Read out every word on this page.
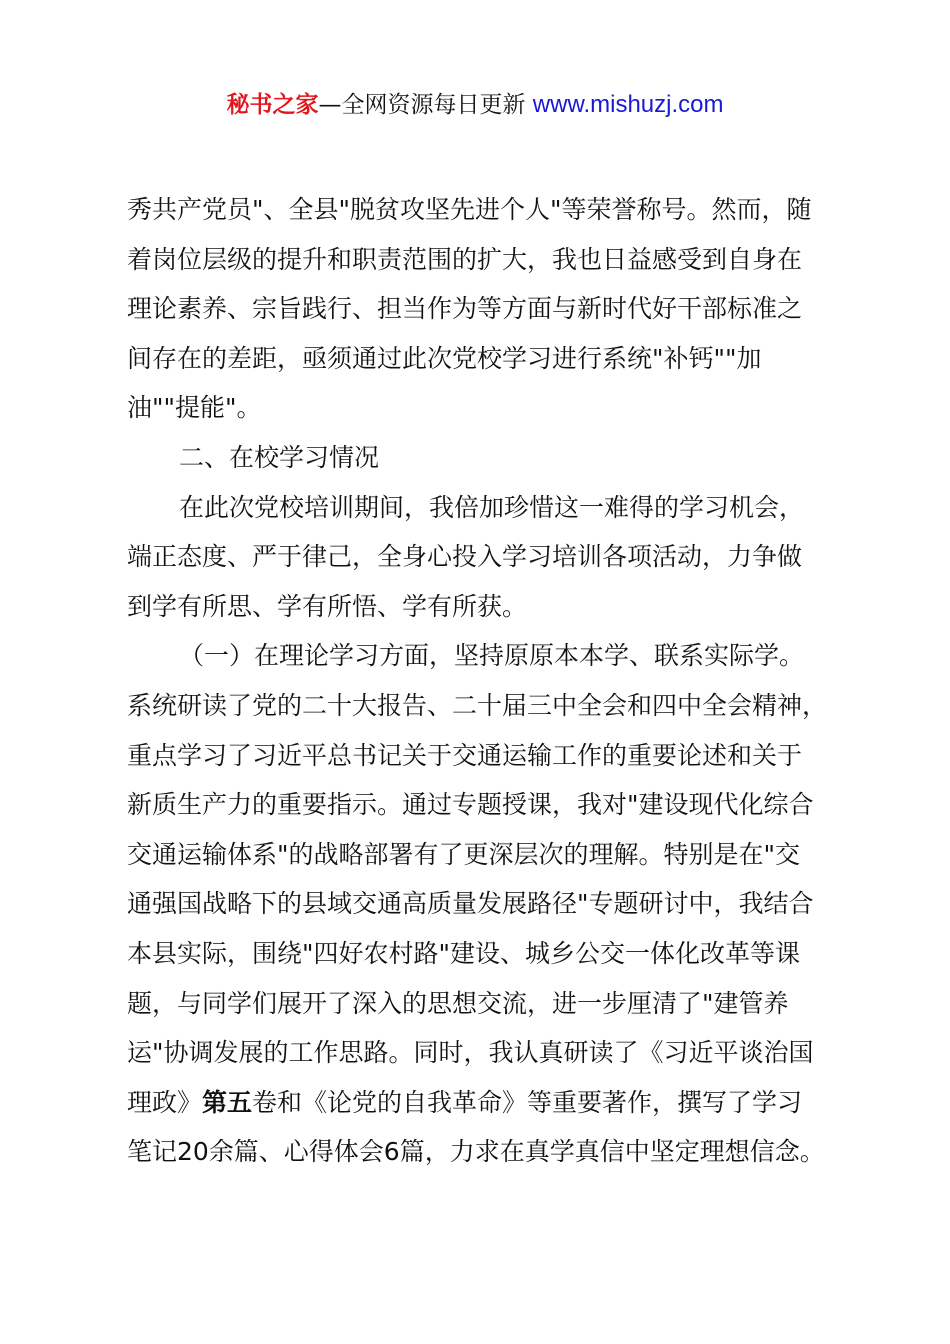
秘书之家—全网资源每日更新 www.mishuzj.com
秀共产党员"、全县"脱贫攻坚先进个人"等荣誉称号。然而，随
着岗位层级的提升和职责范围的扩大，我也日益感受到自身在
理论素养、宗旨践行、担当作为等方面与新时代好干部标准之
间存在的差距，亟须通过此次党校学习进行系统"补钙""加
油""提能"。
二、在校学习情况
在此次党校培训期间，我倍加珍惜这一难得的学习机会，
端正态度、严于律己，全身心投入学习培训各项活动，力争做
到学有所思、学有所悟、学有所获。
（一）在理论学习方面，坚持原原本本学、联系实际学。
系统研读了党的二十大报告、二十届三中全会和四中全会精神，
重点学习了习近平总书记关于交通运输工作的重要论述和关于
新质生产力的重要指示。通过专题授课，我对"建设现代化综合
交通运输体系"的战略部署有了更深层次的理解。特别是在"交
通强国战略下的县域交通高质量发展路径"专题研讨中，我结合
本县实际，围绕"四好农村路"建设、城乡公交一体化改革等课
题，与同学们展开了深入的思想交流，进一步厘清了"建管养
运"协调发展的工作思路。同时，我认真研读了《习近平谈治国
理政》第五卷和《论党的自我革命》等重要著作，撰写了学习
笔记20余篇、心得体会6篇，力求在真学真信中坚定理想信念。
